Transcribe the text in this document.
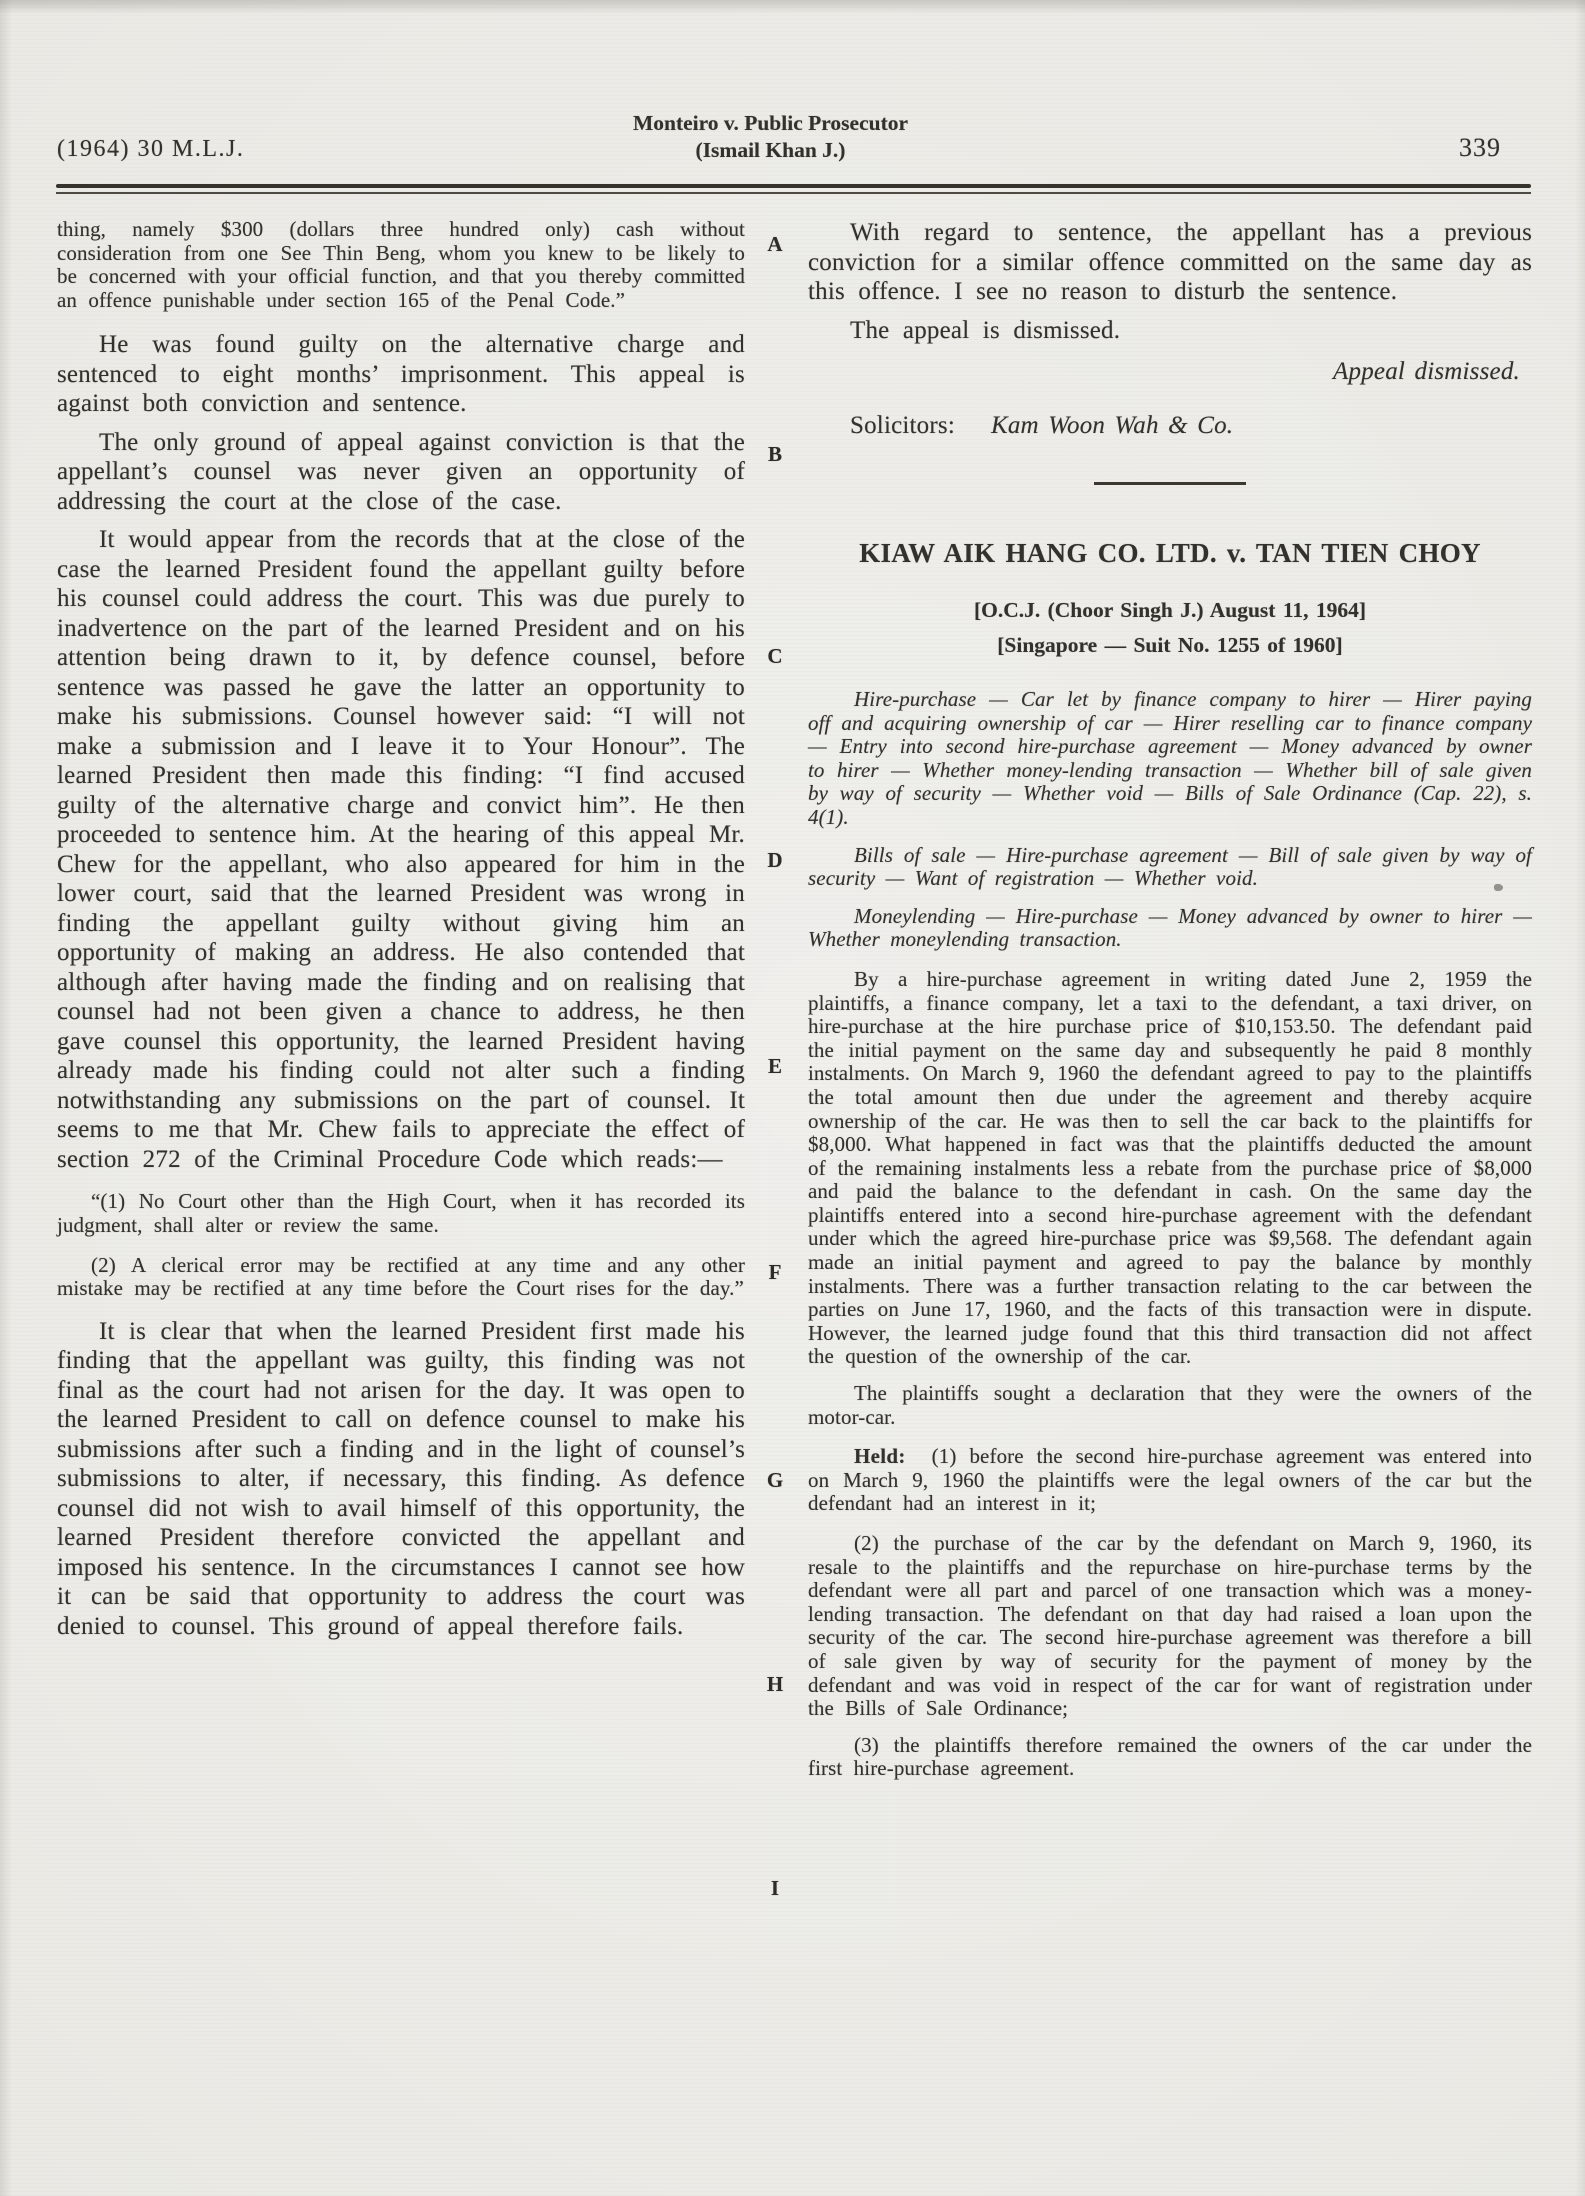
(1964) 30 M.L.J.
Monteiro v. Public Prosecutor
(Ismail Khan J.)	339
A
B
C
D
E
F
G
H
I

thing, namely $300 (dollars three hundred only) cash without consideration from one See Thin Beng, whom you knew to be likely to be concerned with your official function, and that you thereby committed an offence punishable under section 165 of the Penal Code.”

He was found guilty on the alternative charge and sentenced to eight months’ imprisonment. This appeal is against both conviction and sentence.

The only ground of appeal against conviction is that the appellant’s counsel was never given an opportunity of addressing the court at the close of the case.

It would appear from the records that at the close of the case the learned President found the appellant guilty before his counsel could address the court. This was due purely to inadvertence on the part of the learned President and on his attention being drawn to it, by defence counsel, before sentence was passed he gave the latter an opportunity to make his submissions. Counsel however said: “I will not make a submission and I leave it to Your Honour”. The learned President then made this finding: “I find accused guilty of the alternative charge and convict him”. He then proceeded to sentence him. At the hearing of this appeal Mr. Chew for the appellant, who also appeared for him in the lower court, said that the learned President was wrong in finding the appellant guilty without giving him an opportunity of making an address. He also contended that although after having made the finding and on realising that counsel had not been given a chance to address, he then gave counsel this opportunity, the learned President having already made his finding could not alter such a finding notwithstanding any submissions on the part of counsel. It seems to me that Mr. Chew fails to appreciate the effect of section 272 of the Criminal Procedure Code which reads:—

“(1) No Court other than the High Court, when it has recorded its judgment, shall alter or review the same.

(2) A clerical error may be rectified at any time and any other mistake may be rectified at any time before the Court rises for the day.”

It is clear that when the learned President first made his finding that the appellant was guilty, this finding was not final as the court had not arisen for the day. It was open to the learned President to call on defence counsel to make his submissions after such a finding and in the light of counsel’s submissions to alter, if necessary, this finding. As defence counsel did not wish to avail himself of this opportunity, the learned President therefore convicted the appellant and imposed his sentence. In the circumstances I cannot see how it can be said that opportunity to address the court was denied to counsel. This ground of appeal therefore fails.

With regard to sentence, the appellant has a previous conviction for a similar offence committed on the same day as this offence. I see no reason to disturb the sentence.

The appeal is dismissed.

Appeal dismissed.

Solicitors: Kam Woon Wah & Co.

KIAW AIK HANG CO. LTD. v. TAN TIEN CHOY

[O.C.J. (Choor Singh J.) August 11, 1964]

[Singapore — Suit No. 1255 of 1960]

Hire-purchase — Car let by finance company to hirer — Hirer paying off and acquiring ownership of car — Hirer reselling car to finance company — Entry into second hire-purchase agreement — Money advanced by owner to hirer — Whether money-lending transaction — Whether bill of sale given by way of security — Whether void — Bills of Sale Ordinance (Cap. 22), s. 4(1).

Bills of sale — Hire-purchase agreement — Bill of sale given by way of security — Want of registration — Whether void.

Moneylending — Hire-purchase — Money advanced by owner to hirer — Whether moneylending transaction.

By a hire-purchase agreement in writing dated June 2, 1959 the plaintiffs, a finance company, let a taxi to the defendant, a taxi driver, on hire-purchase at the hire purchase price of $10,153.50. The defendant paid the initial payment on the same day and subsequently he paid 8 monthly instalments. On March 9, 1960 the defendant agreed to pay to the plaintiffs the total amount then due under the agreement and thereby acquire ownership of the car. He was then to sell the car back to the plaintiffs for $8,000. What happened in fact was that the plaintiffs deducted the amount of the remaining instalments less a rebate from the purchase price of $8,000 and paid the balance to the defendant in cash. On the same day the plaintiffs entered into a second hire-purchase agreement with the defendant under which the agreed hire-purchase price was $9,568. The defendant again made an initial payment and agreed to pay the balance by monthly instalments. There was a further transaction relating to the car between the parties on June 17, 1960, and the facts of this transaction were in dispute. However, the learned judge found that this third transaction did not affect the question of the ownership of the car.

The plaintiffs sought a declaration that they were the owners of the motor-car.

Held: (1) before the second hire-purchase agreement was entered into on March 9, 1960 the plaintiffs were the legal owners of the car but the defendant had an interest in it;

(2) the purchase of the car by the defendant on March 9, 1960, its resale to the plaintiffs and the repurchase on hire-purchase terms by the defendant were all part and parcel of one transaction which was a money-lending transaction. The defendant on that day had raised a loan upon the security of the car. The second hire-purchase agreement was therefore a bill of sale given by way of security for the payment of money by the defendant and was void in respect of the car for want of registration under the Bills of Sale Ordinance;

(3) the plaintiffs therefore remained the owners of the car under the first hire-purchase agreement.
